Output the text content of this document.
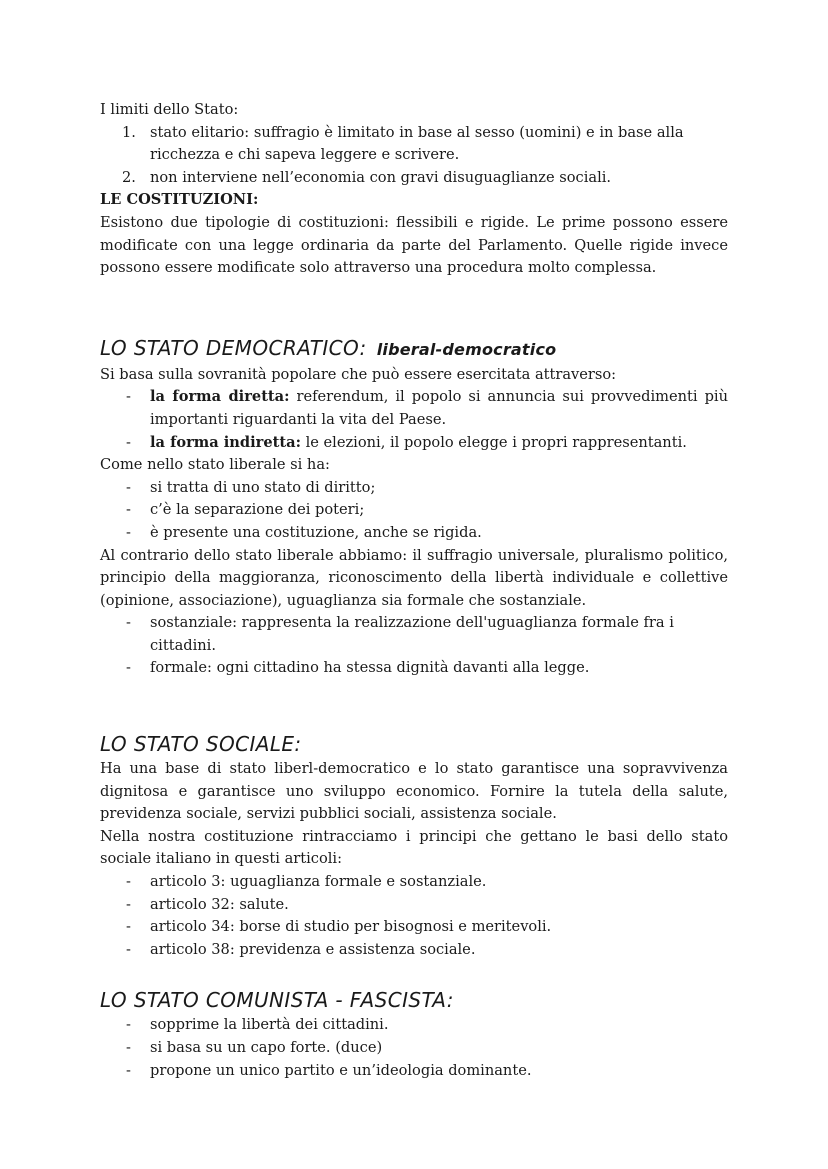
I limiti dello Stato:

1. stato elitario: suffragio è limitato in base al sesso (uomini) e in base alla ricchezza e chi sapeva leggere e scrivere.
2. non interviene nell’economia con gravi disuguaglianze sociali.

LE COSTITUZIONI:

Esistono due tipologie di costituzioni: flessibili e rigide. Le prime possono essere modificate con una legge ordinaria da parte del Parlamento. Quelle rigide invece possono essere modificate solo attraverso una procedura molto complessa.

LO STATO DEMOCRATICO: liberal-democratico

Si basa sulla sovranità popolare che può essere esercitata attraverso:

- la forma diretta: referendum, il popolo si annuncia sui provvedimenti più importanti riguardanti la vita del Paese.
- la forma indiretta: le elezioni, il popolo elegge i propri rappresentanti.

Come nello stato liberale si ha:

- si tratta di uno stato di diritto;
- c’è la separazione dei poteri;
- è presente una costituzione, anche se rigida.

Al contrario dello stato liberale abbiamo: il suffragio universale, pluralismo politico, principio della maggioranza, riconoscimento della libertà individuale e collettive (opinione, associazione), uguaglianza sia formale che sostanziale.

- sostanziale: rappresenta la realizzazione dell'uguaglianza formale fra i cittadini.
- formale: ogni cittadino ha stessa dignità davanti alla legge.
LO STATO SOCIALE:

Ha una base di stato liberl-democratico e lo stato garantisce una sopravvivenza dignitosa e garantisce uno sviluppo economico. Fornire la tutela della salute, previdenza sociale, servizi pubblici sociali, assistenza sociale.

Nella nostra costituzione rintracciamo i principi che gettano le basi dello stato sociale italiano in questi articoli:

- articolo 3: uguaglianza formale e sostanziale.
- articolo 32: salute.
- articolo 34: borse di studio per bisognosi e meritevoli.
- articolo 38: previdenza e assistenza sociale.
LO STATO COMUNISTA - FASCISTA:
- sopprime la libertà dei cittadini.
- si basa su un capo forte. (duce)
- propone un unico partito e un’ideologia dominante.
